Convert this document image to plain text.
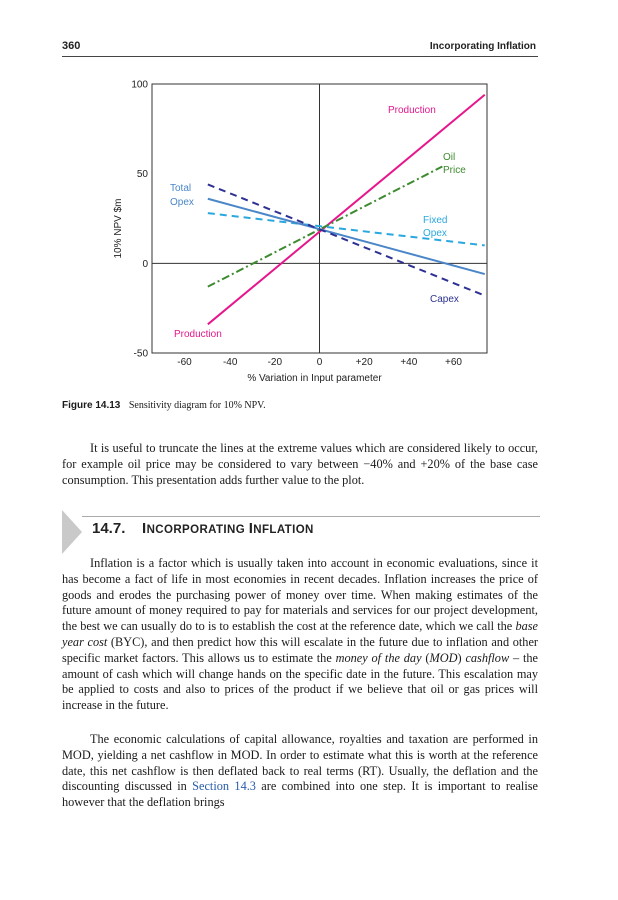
360	Incorporating Inflation
100
50
0
-50
-60	-40	-20	0	+20	+40	+60
% Variation in Input parameter
10% NPV $m
Production
Oil
Price
Total
Opex
Fixed
Opex
Capex
Production
Figure 14.13 Sensitivity diagram for 10% NPV.

It is useful to truncate the lines at the extreme values which are considered likely to occur, for example oil price may be considered to vary between −40% and +20% of the base case consumption. This presentation adds further value to the plot.

14.7. INCORPORATING INFLATION

Inflation is a factor which is usually taken into account in economic evaluations, since it has become a fact of life in most economies in recent decades. Inflation increases the price of goods and erodes the purchasing power of money over time. When making estimates of the future amount of money required to pay for materials and services for our project development, the best we can usually do to is to establish the cost at the reference date, which we call the base year cost (BYC), and then predict how this will escalate in the future due to inflation and other specific market factors. This allows us to estimate the money of the day (MOD) cashflow – the amount of cash which will change hands on the specific date in the future. This escalation may be applied to costs and also to prices of the product if we believe that oil or gas prices will increase in the future.

The economic calculations of capital allowance, royalties and taxation are performed in MOD, yielding a net cashflow in MOD. In order to estimate what this is worth at the reference date, this net cashflow is then deflated back to real terms (RT). Usually, the deflation and the discounting discussed in Section 14.3 are combined into one step. It is important to realise however that the deflation brings
